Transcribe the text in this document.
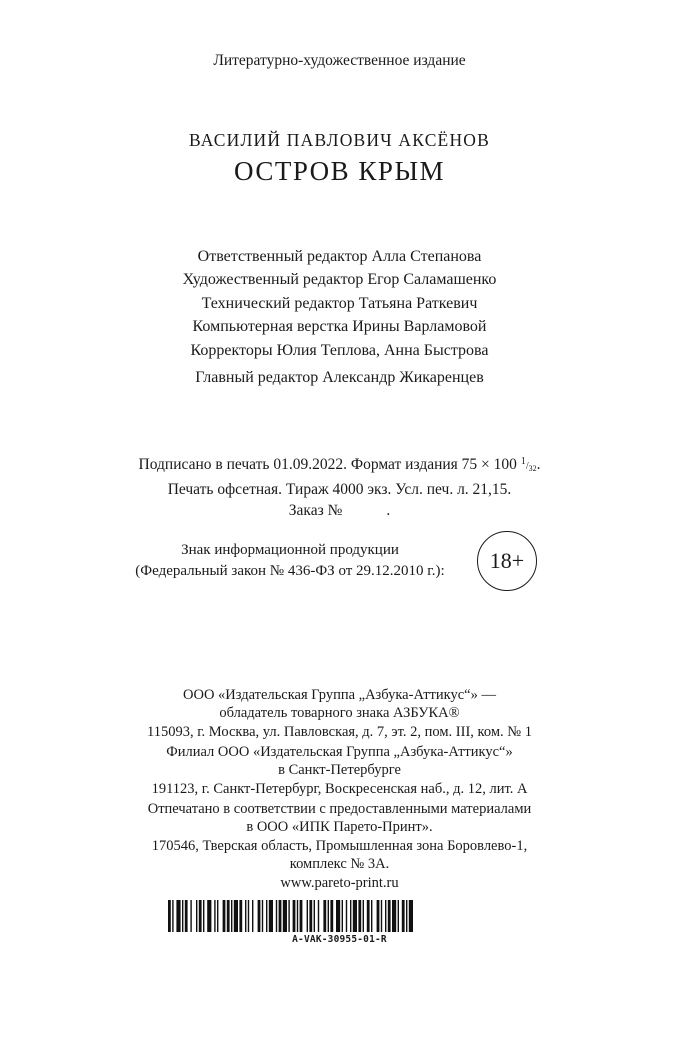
Литературно-художественное издание
ВАСИЛИЙ ПАВЛОВИЧ АКСЁНОВ
ОСТРОВ КРЫМ
Ответственный редактор Алла Степанова
Художественный редактор Егор Саламашенко
Технический редактор Татьяна Раткевич
Компьютерная верстка Ирины Варламовой
Корректоры Юлия Теплова, Анна Быстрова
Главный редактор Александр Жикаренцев
Подписано в печать 01.09.2022. Формат издания 75 × 100 $^1/_{32}$.
Печать офсетная. Тираж 4000 экз. Усл. печ. л. 21,15.
Заказ №	.
Знак информационной продукции
(Федеральный закон № 436-ФЗ от 29.12.2010 г.):	18+
ООО «Издательская Группа „Азбука-Аттикус“» —
обладатель товарного знака АЗБУКА®
115093, г. Москва, ул. Павловская, д. 7, эт. 2, пом. III, ком. № 1
Филиал ООО «Издательская Группа „Азбука-Аттикус“»
в Санкт-Петербурге
191123, г. Санкт-Петербург, Воскресенская наб., д. 12, лит. А
Отпечатано в соответствии с предоставленными материалами
в ООО «ИПК Парето-Принт».
170546, Тверская область, Промышленная зона Боровлево-1,
комплекс № 3А.
www.pareto-print.ru
A-VAK-30955-01-R
